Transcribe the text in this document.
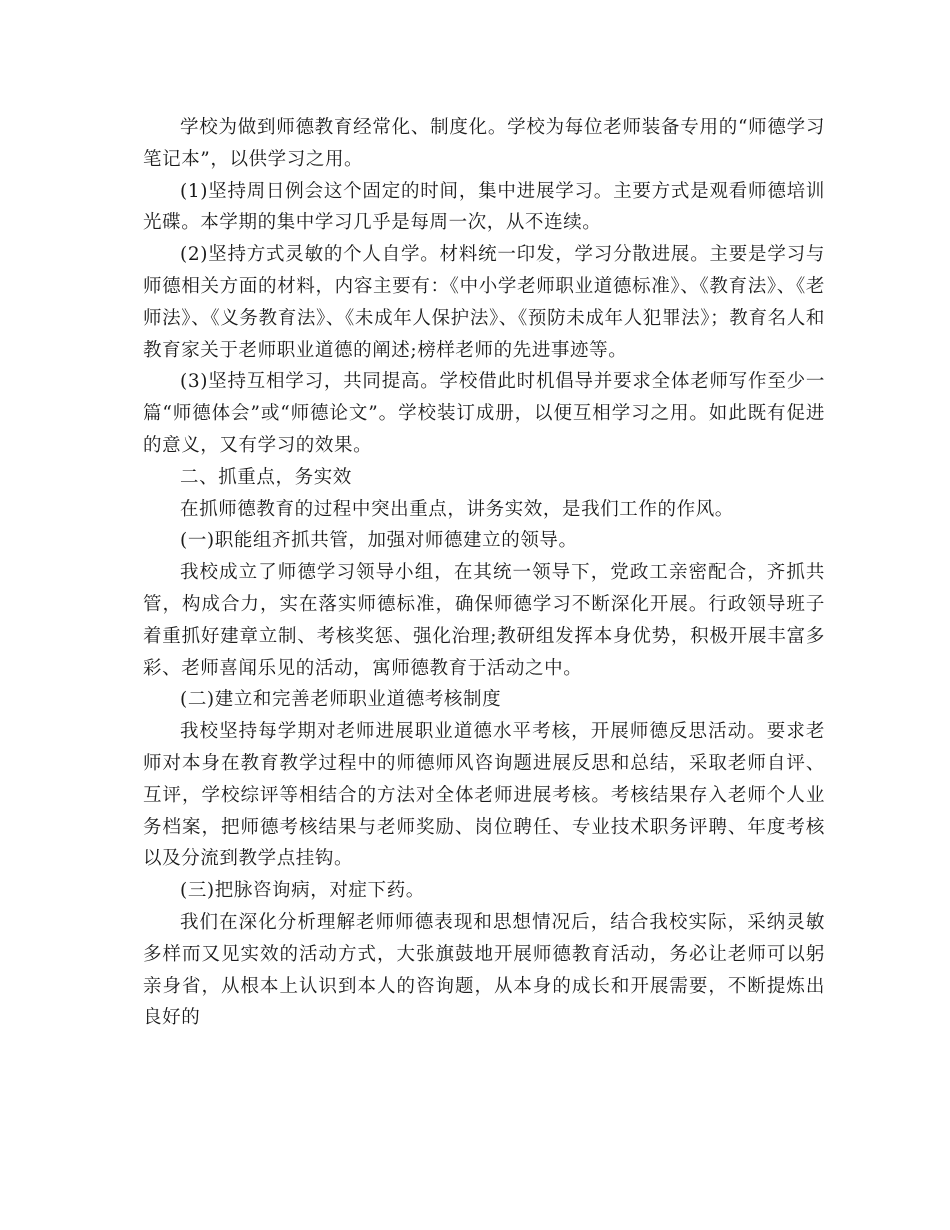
学校为做到师德教育经常化、制度化。学校为每位老师装备专用的“师德学习笔记本”，以供学习之用。

(1)坚持周日例会这个固定的时间，集中进展学习。主要方式是观看师德培训光碟。本学期的集中学习几乎是每周一次，从不连续。

(2)坚持方式灵敏的个人自学。材料统一印发，学习分散进展。主要是学习与师德相关方面的材料，内容主要有：《中小学老师职业道德标准》、《教育法》、《老师法》、《义务教育法》、《未成年人保护法》、《预防未成年人犯罪法》；教育名人和教育家关于老师职业道德的阐述;榜样老师的先进事迹等。

(3)坚持互相学习，共同提高。学校借此时机倡导并要求全体老师写作至少一篇“师德体会”或“师德论文”。学校装订成册，以便互相学习之用。如此既有促进的意义，又有学习的效果。

二、抓重点，务实效

在抓师德教育的过程中突出重点，讲务实效，是我们工作的作风。

(一)职能组齐抓共管，加强对师德建立的领导。

我校成立了师德学习领导小组，在其统一领导下，党政工亲密配合，齐抓共管，构成合力，实在落实师德标准，确保师德学习不断深化开展。行政领导班子着重抓好建章立制、考核奖惩、强化治理;教研组发挥本身优势，积极开展丰富多彩、老师喜闻乐见的活动，寓师德教育于活动之中。

(二)建立和完善老师职业道德考核制度

我校坚持每学期对老师进展职业道德水平考核，开展师德反思活动。要求老师对本身在教育教学过程中的师德师风咨询题进展反思和总结，采取老师自评、互评，学校综评等相结合的方法对全体老师进展考核。考核结果存入老师个人业务档案，把师德考核结果与老师奖励、岗位聘任、专业技术职务评聘、年度考核以及分流到教学点挂钩。

(三)把脉咨询病，对症下药。

我们在深化分析理解老师师德表现和思想情况后，结合我校实际，采纳灵敏多样而又见实效的活动方式，大张旗鼓地开展师德教育活动，务必让老师可以躬亲身省，从根本上认识到本人的咨询题，从本身的成长和开展需要，不断提炼出良好的
